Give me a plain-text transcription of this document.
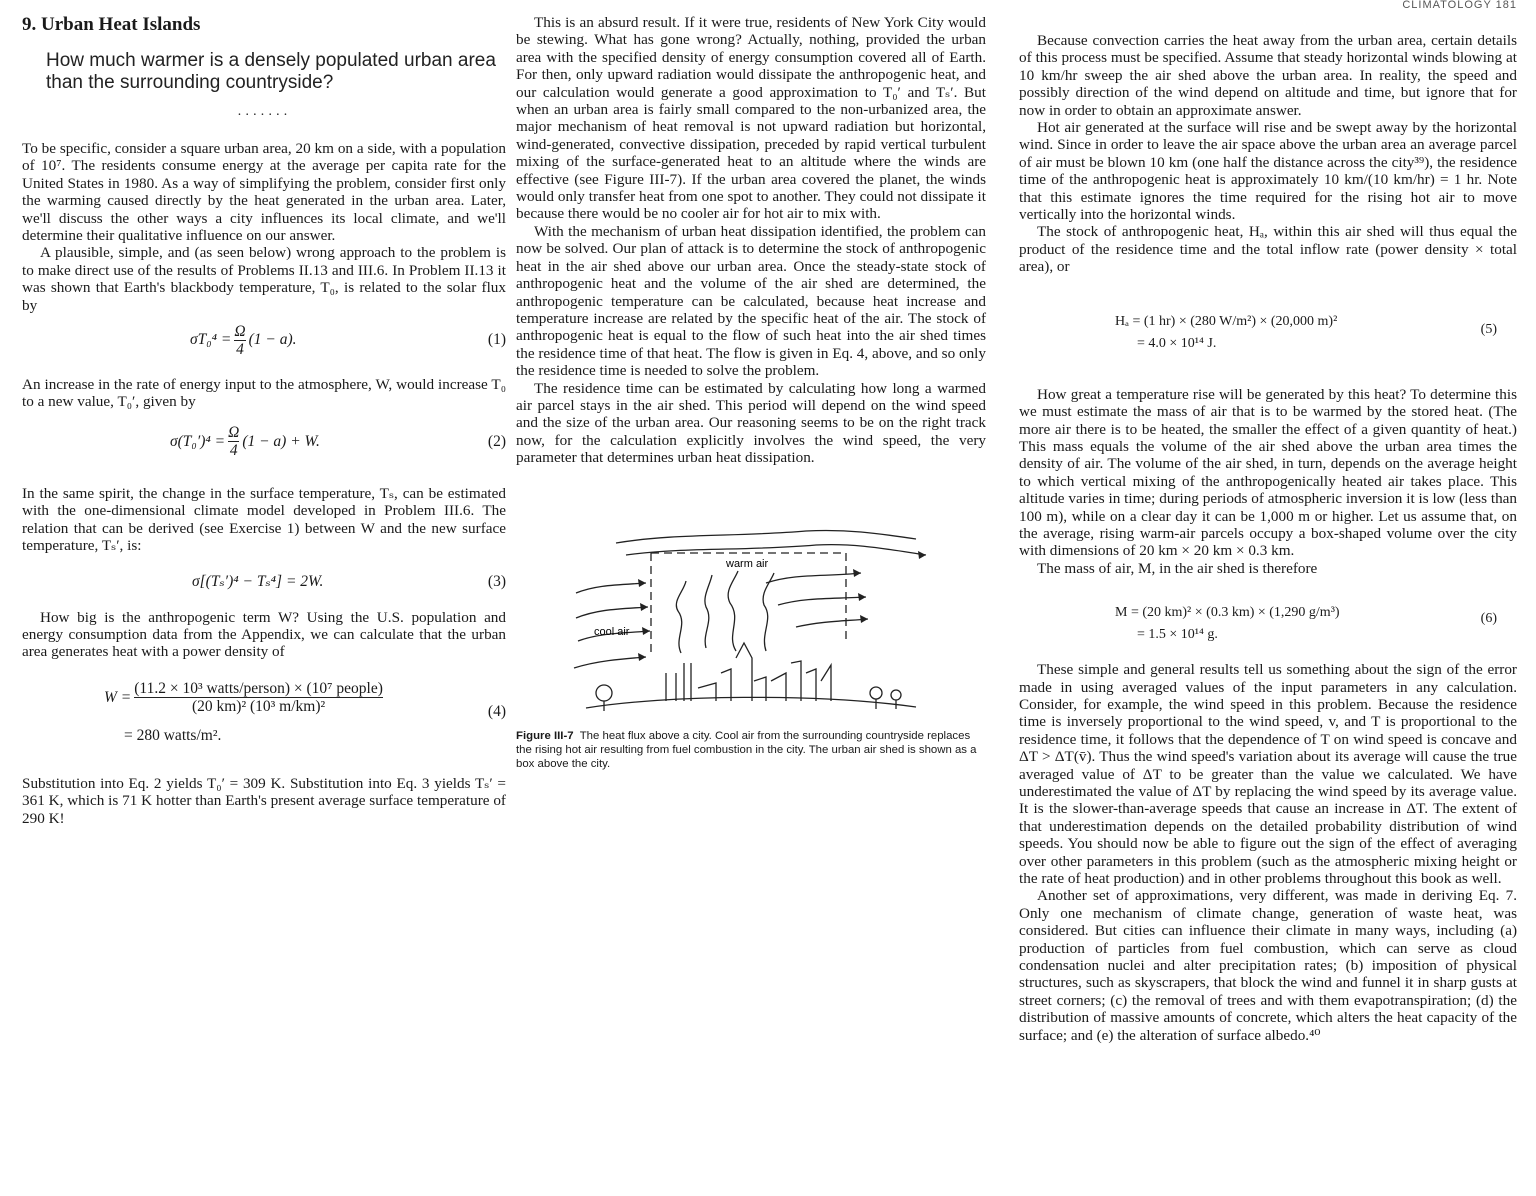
9. Urban Heat Islands
How much warmer is a densely populated urban area than the surrounding countryside?
·······

To be specific, consider a square urban area, 20 km on a side, with a population of 10⁷. The residents consume energy at the average per capita rate for the United States in 1980. As a way of simplifying the problem, consider first only the warming caused directly by the heat generated in the urban area. Later, we'll discuss the other ways a city influences its local climate, and we'll determine their qualitative influence on our answer.

A plausible, simple, and (as seen below) wrong approach to the problem is to make direct use of the results of Problems II.13 and III.6. In Problem II.13 it was shown that Earth's blackbody temperature, T₀, is related to the solar flux by

$\sigma T_0^4 = \frac{\Omega}{4} (1 - a)$.	(1)

An increase in the rate of energy input to the atmosphere, W, would increase T₀ to a new value, T₀′, given by

$\sigma(T_0')^4 = \frac{\Omega}{4} (1 - a) + W$.	(2)

In the same spirit, the change in the surface temperature, Tₛ, can be estimated with the one-dimensional climate model developed in Problem III.6. The relation that can be derived (see Exercise 1) between W and the new surface temperature, Tₛ′, is:

σ[(Tₛ′)⁴ − Tₛ⁴] = 2W.	(3)

How big is the anthropogenic term W? Using the U.S. population and energy consumption data from the Appendix, we can calculate that the urban area generates heat with a power density of

$W = \frac{\text{(11.2 × 10³ watts/person) × (10⁷ people)}}{\text{(20 km)² (10³ m/km)²}}$	(4)
= 280 watts/m².

Substitution into Eq. 2 yields T₀′ = 309 K. Substitution into Eq. 3 yields Tₛ′ = 361 K, which is 71 K hotter than Earth's present average surface temperature of 290 K!

This is an absurd result. If it were true, residents of New York City would be stewing. What has gone wrong? Actually, nothing, provided the urban area with the specified density of energy consumption covered all of Earth. For then, only upward radiation would dissipate the anthropogenic heat, and our calculation would generate a good approximation to T₀′ and Tₛ′. But when an urban area is fairly small compared to the non-urbanized area, the major mechanism of heat removal is not upward radiation but horizontal, wind-generated, convective dissipation, preceded by rapid vertical turbulent mixing of the surface-generated heat to an altitude where the winds are effective (see Figure III-7). If the urban area covered the planet, the winds would only transfer heat from one spot to another. They could not dissipate it because there would be no cooler air for hot air to mix with.

With the mechanism of urban heat dissipation identified, the problem can now be solved. Our plan of attack is to determine the stock of anthropogenic heat in the air shed above our urban area. Once the steady-state stock of anthropogenic heat and the volume of the air shed are determined, the anthropogenic temperature can be calculated, because heat increase and temperature increase are related by the specific heat of the air. The stock of anthropogenic heat is equal to the flow of such heat into the air shed times the residence time of that heat. The flow is given in Eq. 4, above, and so only the residence time is needed to solve the problem.

The residence time can be estimated by calculating how long a warmed air parcel stays in the air shed. This period will depend on the wind speed and the size of the urban area. Our reasoning seems to be on the right track now, for the calculation explicitly involves the wind speed, the very parameter that determines urban heat dissipation.

warm air
cool air
Figure III-7 The heat flux above a city. Cool air from the surrounding countryside replaces the rising hot air resulting from fuel combustion in the city. The urban air shed is shown as a box above the city.
CLIMATOLOGY 181

Because convection carries the heat away from the urban area, certain details of this process must be specified. Assume that steady horizontal winds blowing at 10 km/hr sweep the air shed above the urban area. In reality, the speed and possibly direction of the wind depend on altitude and time, but ignore that for now in order to obtain an approximate answer.

Hot air generated at the surface will rise and be swept away by the horizontal wind. Since in order to leave the air space above the urban area an average parcel of air must be blown 10 km (one half the distance across the city³⁹), the residence time of the anthropogenic heat is approximately 10 km/(10 km/hr) = 1 hr. Note that this estimate ignores the time required for the rising hot air to move vertically into the horizontal winds.

The stock of anthropogenic heat, Hₐ, within this air shed will thus equal the product of the residence time and the total inflow rate (power density × total area), or

Hₐ = (1 hr) × (280 W/m²) × (20,000 m)²
= 4.0 × 10¹⁴ J.
(5)

How great a temperature rise will be generated by this heat? To determine this we must estimate the mass of air that is to be warmed by the stored heat. (The more air there is to be heated, the smaller the effect of a given quantity of heat.) This mass equals the volume of the air shed above the urban area times the density of air. The volume of the air shed, in turn, depends on the average height to which vertical mixing of the anthropogenically heated air takes place. This altitude varies in time; during periods of atmospheric inversion it is low (less than 100 m), while on a clear day it can be 1,000 m or higher. Let us assume that, on the average, rising warm-air parcels occupy a box-shaped volume over the city with dimensions of 20 km × 20 km × 0.3 km.

The mass of air, M, in the air shed is therefore

M = (20 km)² × (0.3 km) × (1,290 g/m³)
= 1.5 × 10¹⁴ g.
(6)

These simple and general results tell us something about the sign of the error made in using averaged values of the input parameters in any calculation. Consider, for example, the wind speed in this problem. Because the residence time is inversely proportional to the wind speed, v, and T is proportional to the residence time, it follows that the dependence of T on wind speed is concave and ΔT > ΔT(v̄). Thus the wind speed's variation about its average will cause the true averaged value of ΔT to be greater than the value we calculated. We have underestimated the value of ΔT by replacing the wind speed by its average value. It is the slower-than-average speeds that cause an increase in ΔT. The extent of that underestimation depends on the detailed probability distribution of wind speeds. You should now be able to figure out the sign of the effect of averaging over other parameters in this problem (such as the atmospheric mixing height or the rate of heat production) and in other problems throughout this book as well.

Another set of approximations, very different, was made in deriving Eq. 7. Only one mechanism of climate change, generation of waste heat, was considered. But cities can influence their climate in many ways, including (a) production of particles from fuel combustion, which can serve as cloud condensation nuclei and alter precipitation rates; (b) imposition of physical structures, such as skyscrapers, that block the wind and funnel it in sharp gusts at street corners; (c) the removal of trees and with them evapotranspiration; (d) the distribution of massive amounts of concrete, which alters the heat capacity of the surface; and (e) the alteration of surface albedo.⁴⁰
